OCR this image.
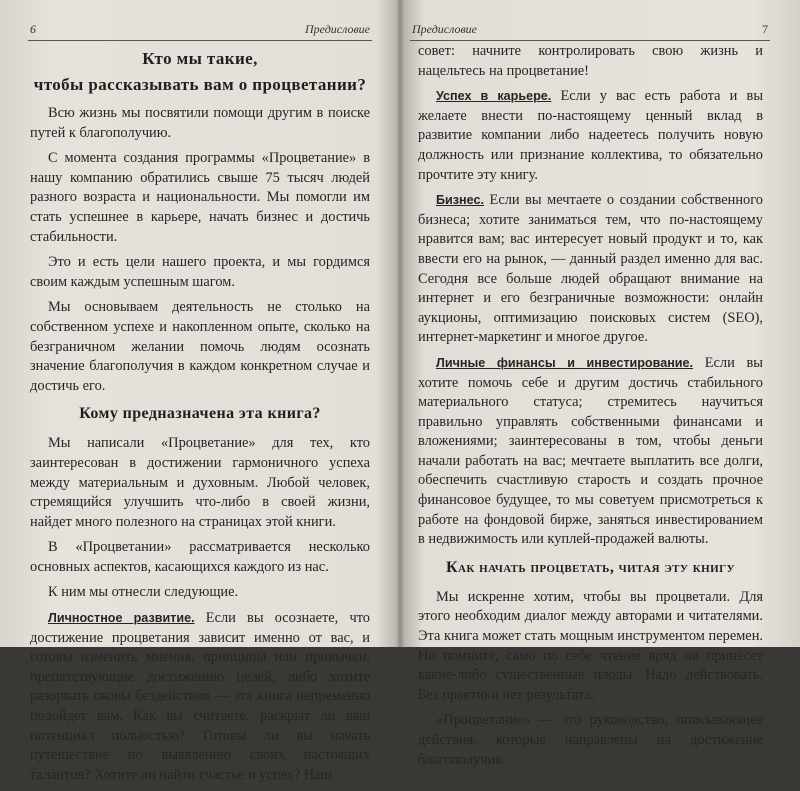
6	Предисловие
Кто мы такие,
чтобы рассказывать вам о процветании?

Всю жизнь мы посвятили помощи другим в поиске путей к благополучию.

С момента создания программы «Процветание» в нашу компанию обратились свыше 75 тысяч людей разного возраста и национальности. Мы помогли им стать успешнее в карьере, начать бизнес и достичь стабильности.

Это и есть цели нашего проекта, и мы гордимся своим каждым успешным шагом.

Мы основываем деятельность не столько на собственном успехе и накопленном опыте, сколько на безграничном желании помочь людям осознать значение благополучия в каждом конкретном случае и достичь его.

Кому предназначена эта книга?

Мы написали «Процветание» для тех, кто заинтересован в достижении гармоничного успеха между материальным и духовным. Любой человек, стремящийся улучшить что-либо в своей жизни, найдет много полезного на страницах этой книги.

В «Процветании» рассматривается несколько основных аспектов, касающихся каждого из нас.

К ним мы отнесли следующие.

Личностное развитие. Если вы осознаете, что достижение процветания зависит именно от вас, и готовы изменить мнения, принципы или привычки, препятствующие достижению целей, либо хотите разорвать оковы бездействия — эта книга непременно подойдет вам. Как вы считаете, раскрыт ли ваш потенциал полностью? Готовы ли вы начать путешествие по выявлению своих настоящих талантов? Хотите ли найти счастье и успех? Наш

Предисловие	7

совет: начните контролировать свою жизнь и нацельтесь на процветание!

Успех в карьере. Если у вас есть работа и вы желаете внести по-настоящему ценный вклад в развитие компании либо надеетесь получить новую должность или признание коллектива, то обязательно прочтите эту книгу.

Бизнес. Если вы мечтаете о создании собственного бизнеса; хотите заниматься тем, что по-настоящему нравится вам; вас интересует новый продукт и то, как ввести его на рынок, — данный раздел именно для вас. Сегодня все больше людей обращают внимание на интернет и его безграничные возможности: онлайн аукционы, оптимизацию поисковых систем (SEO), интернет-маркетинг и многое другое.

Личные финансы и инвестирование. Если вы хотите помочь себе и другим достичь стабильного материального статуса; стремитесь научиться правильно управлять собственными финансами и вложениями; заинтересованы в том, чтобы деньги начали работать на вас; мечтаете выплатить все долги, обеспечить счастливую старость и создать прочное финансовое будущее, то мы советуем присмотреться к работе на фондовой бирже, заняться инвестированием в недвижимость или куплей-продажей валюты.

Как начать процветать, читая эту книгу

Мы искренне хотим, чтобы вы процветали. Для этого необходим диалог между авторами и читателями. Эта книга может стать мощным инструментом перемен. Но помните, само по себе чтение вряд ли принесет какие-либо существенные плоды. Надо действовать. Без практики нет результата.

«Процветание» — это руководство, описывающее действия, которые направлены на достижение благополучия.
